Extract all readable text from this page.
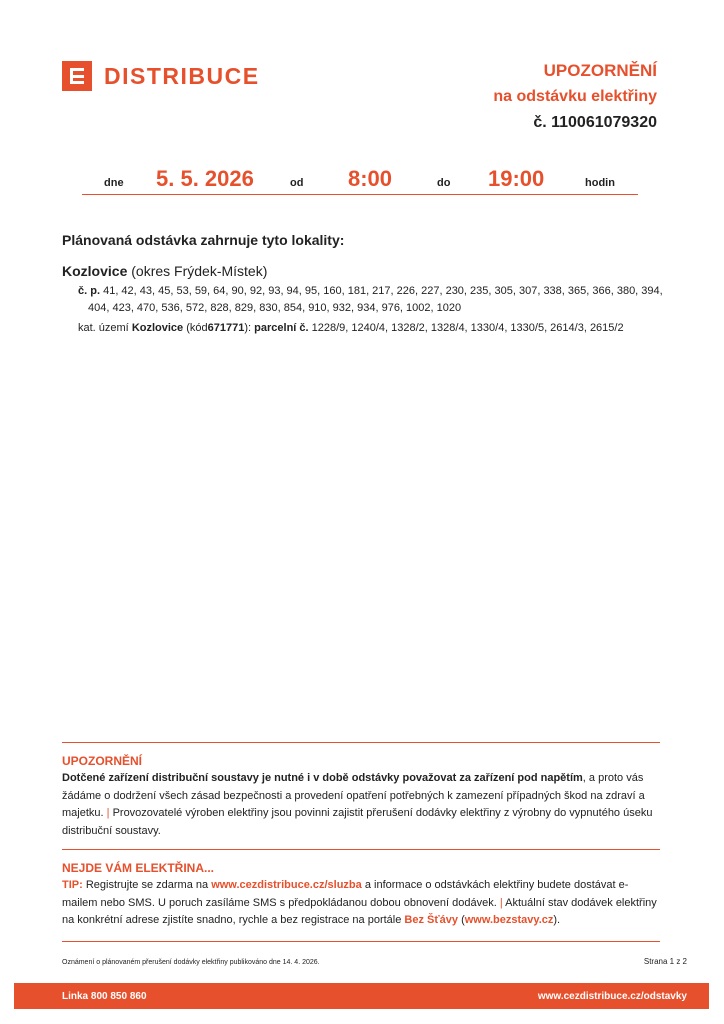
DISTRIBUCE	UPOZORNĚNÍ
na odstávku elektřiny
č. 110061079320
dne 5. 5. 2026	od 8:00	do 19:00	hodin
Plánovaná odstávka zahrnuje tyto lokality:
Kozlovice (okres Frýdek-Místek)
č. p. 41, 42, 43, 45, 53, 59, 64, 90, 92, 93, 94, 95, 160, 181, 217, 226, 227, 230, 235, 305, 307, 338, 365, 366, 380, 394, 404, 423, 470, 536, 572, 828, 829, 830, 854, 910, 932, 934, 976, 1002, 1020
kat. území Kozlovice (kód671771): parcelní č. 1228/9, 1240/4, 1328/2, 1328/4, 1330/4, 1330/5, 2614/3, 2615/2
UPOZORNĚNÍ
Dotčené zařízení distribuční soustavy je nutné i v době odstávky považovat za zařízení pod napětím, a proto vás žádáme o dodržení všech zásad bezpečnosti a provedení opatření potřebných k zamezení případných škod na zdraví a majetku. | Provozovatelé výroben elektřiny jsou povinni zajistit přerušení dodávky elektřiny z výrobny do vypnutého úseku distribuční soustavy.
NEJDE VÁM ELEKTŘINA...
TIP: Registrujte se zdarma na www.cezdistribuce.cz/sluzba a informace o odstávkách elektřiny budete dostávat e-mailem nebo SMS. U poruch zasíláme SMS s předpokládanou dobou obnovení dodávek. | Aktuální stav dodávek elektřiny na konkrétní adrese zjistíte snadno, rychle a bez registrace na portále Bez Šťávy (www.bezstavy.cz).
Oznámení o plánovaném přerušení dodávky elektřiny publikováno dne 14. 4. 2026.	Strana 1 z 2
Linka 800 850 860	www.cezdistribuce.cz/odstavky
